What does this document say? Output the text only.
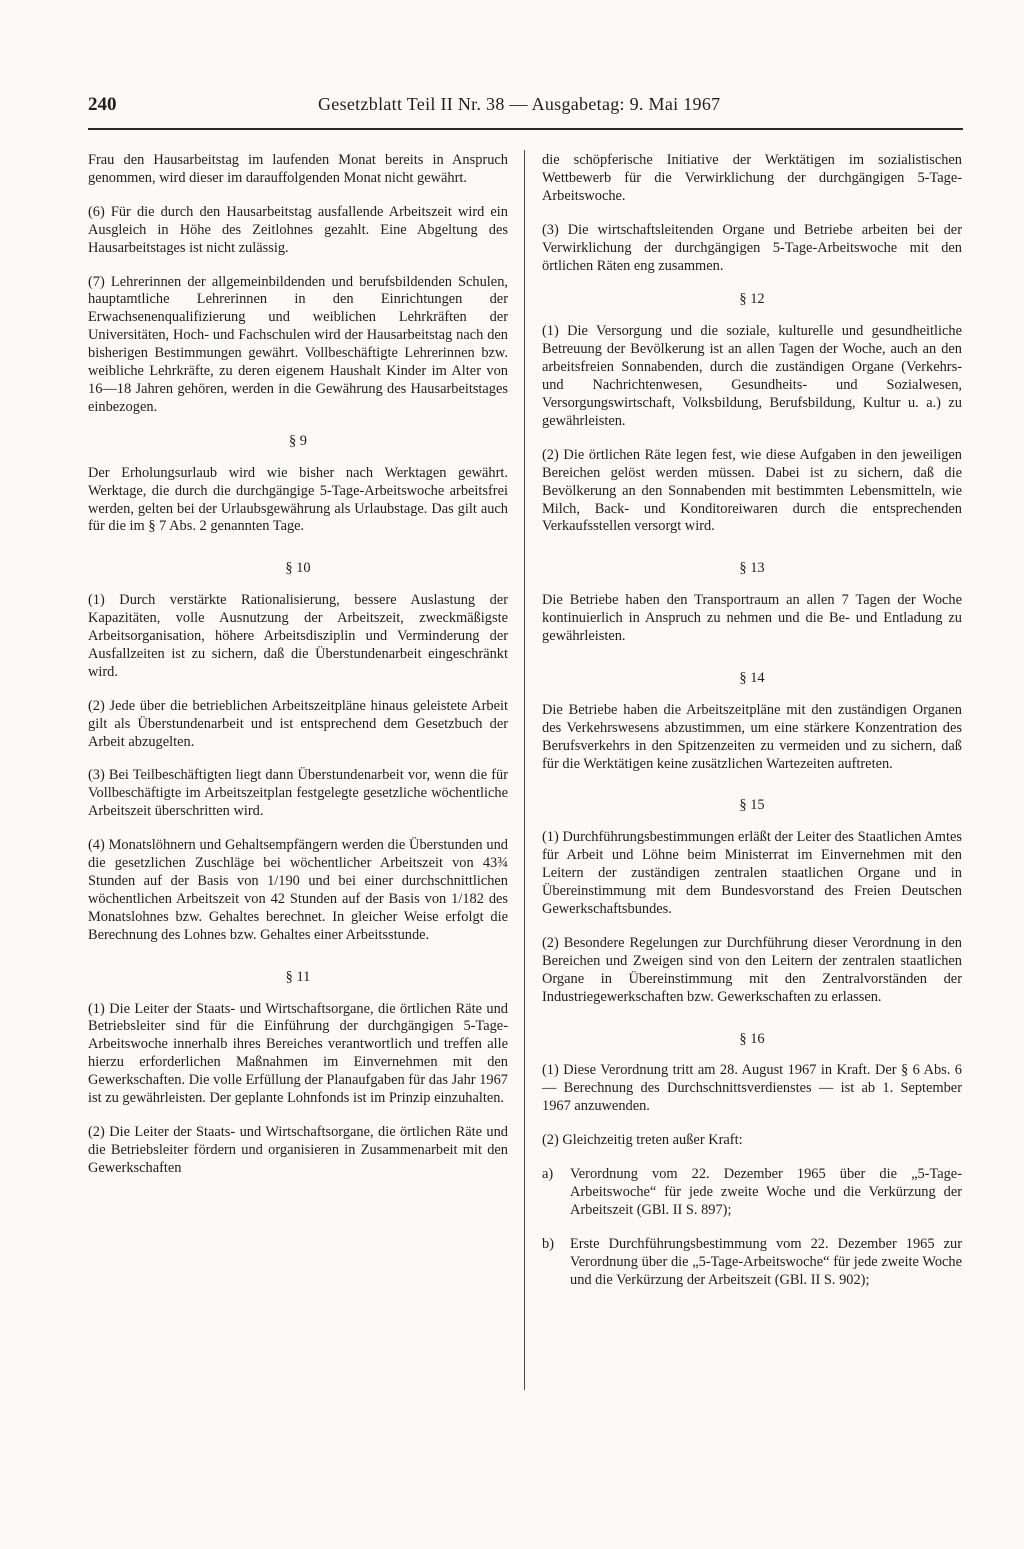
240	Gesetzblatt Teil II Nr. 38 — Ausgabetag: 9. Mai 1967

Frau den Hausarbeitstag im laufenden Monat bereits in Anspruch genommen, wird dieser im darauffolgenden Monat nicht gewährt.

(6) Für die durch den Hausarbeitstag ausfallende Arbeitszeit wird ein Ausgleich in Höhe des Zeitlohnes gezahlt. Eine Abgeltung des Hausarbeitstages ist nicht zulässig.

(7) Lehrerinnen der allgemeinbildenden und berufsbildenden Schulen, hauptamtliche Lehrerinnen in den Einrichtungen der Erwachsenenqualifizierung und weiblichen Lehrkräften der Universitäten, Hoch- und Fachschulen wird der Hausarbeitstag nach den bisherigen Bestimmungen gewährt. Vollbeschäftigte Lehrerinnen bzw. weibliche Lehrkräfte, zu deren eigenem Haushalt Kinder im Alter von 16—18 Jahren gehören, werden in die Gewährung des Hausarbeitstages einbezogen.

§ 9

Der Erholungsurlaub wird wie bisher nach Werktagen gewährt. Werktage, die durch die durchgängige 5-Tage-Arbeitswoche arbeitsfrei werden, gelten bei der Urlaubsgewährung als Urlaubstage. Das gilt auch für die im § 7 Abs. 2 genannten Tage.

§ 10

(1) Durch verstärkte Rationalisierung, bessere Auslastung der Kapazitäten, volle Ausnutzung der Arbeitszeit, zweckmäßigste Arbeitsorganisation, höhere Arbeitsdisziplin und Verminderung der Ausfallzeiten ist zu sichern, daß die Überstundenarbeit eingeschränkt wird.

(2) Jede über die betrieblichen Arbeitszeitpläne hinaus geleistete Arbeit gilt als Überstundenarbeit und ist entsprechend dem Gesetzbuch der Arbeit abzugelten.

(3) Bei Teilbeschäftigten liegt dann Überstundenarbeit vor, wenn die für Vollbeschäftigte im Arbeitszeitplan festgelegte gesetzliche wöchentliche Arbeitszeit überschritten wird.

(4) Monatslöhnern und Gehaltsempfängern werden die Überstunden und die gesetzlichen Zuschläge bei wöchentlicher Arbeitszeit von 43¾ Stunden auf der Basis von 1/190 und bei einer durchschnittlichen wöchentlichen Arbeitszeit von 42 Stunden auf der Basis von 1/182 des Monatslohnes bzw. Gehaltes berechnet. In gleicher Weise erfolgt die Berechnung des Lohnes bzw. Gehaltes einer Arbeitsstunde.

§ 11

(1) Die Leiter der Staats- und Wirtschaftsorgane, die örtlichen Räte und Betriebsleiter sind für die Einführung der durchgängigen 5-Tage-Arbeitswoche innerhalb ihres Bereiches verantwortlich und treffen alle hierzu erforderlichen Maßnahmen im Einvernehmen mit den Gewerkschaften. Die volle Erfüllung der Planaufgaben für das Jahr 1967 ist zu gewährleisten. Der geplante Lohnfonds ist im Prinzip einzuhalten.

(2) Die Leiter der Staats- und Wirtschaftsorgane, die örtlichen Räte und die Betriebsleiter fördern und organisieren in Zusammenarbeit mit den Gewerkschaften

die schöpferische Initiative der Werktätigen im sozialistischen Wettbewerb für die Verwirklichung der durchgängigen 5-Tage-Arbeitswoche.

(3) Die wirtschaftsleitenden Organe und Betriebe arbeiten bei der Verwirklichung der durchgängigen 5-Tage-Arbeitswoche mit den örtlichen Räten eng zusammen.

§ 12

(1) Die Versorgung und die soziale, kulturelle und gesundheitliche Betreuung der Bevölkerung ist an allen Tagen der Woche, auch an den arbeitsfreien Sonnabenden, durch die zuständigen Organe (Verkehrs- und Nachrichtenwesen, Gesundheits- und Sozialwesen, Versorgungswirtschaft, Volksbildung, Berufsbildung, Kultur u. a.) zu gewährleisten.

(2) Die örtlichen Räte legen fest, wie diese Aufgaben in den jeweiligen Bereichen gelöst werden müssen. Dabei ist zu sichern, daß die Bevölkerung an den Sonnabenden mit bestimmten Lebensmitteln, wie Milch, Back- und Konditoreiwaren durch die entsprechenden Verkaufsstellen versorgt wird.

§ 13

Die Betriebe haben den Transportraum an allen 7 Tagen der Woche kontinuierlich in Anspruch zu nehmen und die Be- und Entladung zu gewährleisten.

§ 14

Die Betriebe haben die Arbeitszeitpläne mit den zuständigen Organen des Verkehrswesens abzustimmen, um eine stärkere Konzentration des Berufsverkehrs in den Spitzenzeiten zu vermeiden und zu sichern, daß für die Werktätigen keine zusätzlichen Wartezeiten auftreten.

§ 15

(1) Durchführungsbestimmungen erläßt der Leiter des Staatlichen Amtes für Arbeit und Löhne beim Ministerrat im Einvernehmen mit den Leitern der zuständigen zentralen staatlichen Organe und in Übereinstimmung mit dem Bundesvorstand des Freien Deutschen Gewerkschaftsbundes.

(2) Besondere Regelungen zur Durchführung dieser Verordnung in den Bereichen und Zweigen sind von den Leitern der zentralen staatlichen Organe in Übereinstimmung mit den Zentralvorständen der Industriegewerkschaften bzw. Gewerkschaften zu erlassen.

§ 16

(1) Diese Verordnung tritt am 28. August 1967 in Kraft. Der § 6 Abs. 6 — Berechnung des Durchschnittsverdienstes — ist ab 1. September 1967 anzuwenden.

(2) Gleichzeitig treten außer Kraft:

a)	Verordnung vom 22. Dezember 1965 über die „5-Tage-Arbeitswoche“ für jede zweite Woche und die Verkürzung der Arbeitszeit (GBl. II S. 897);
b)	Erste Durchführungsbestimmung vom 22. Dezember 1965 zur Verordnung über die „5-Tage-Arbeitswoche“ für jede zweite Woche und die Verkürzung der Arbeitszeit (GBl. II S. 902);
